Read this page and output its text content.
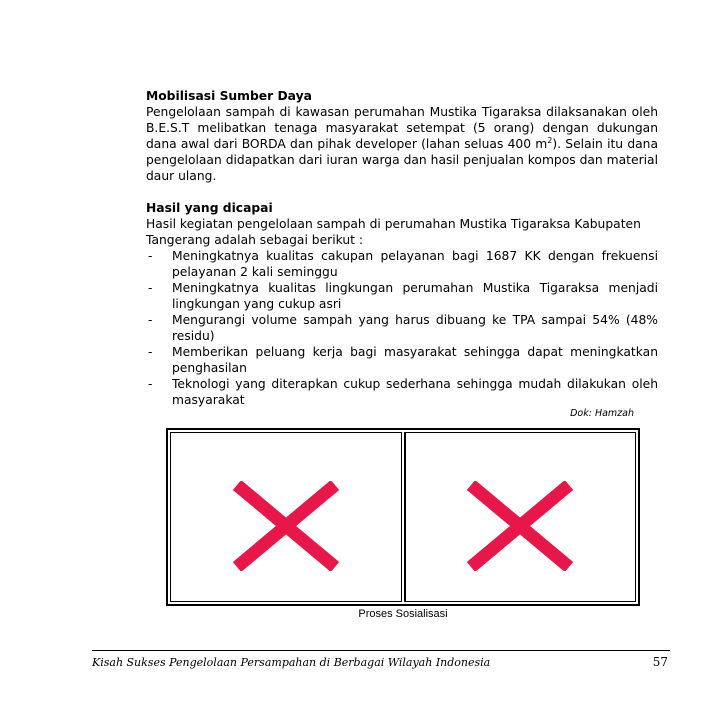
Mobilisasi Sumber Daya
Pengelolaan sampah di kawasan perumahan Mustika Tigaraksa dilaksanakan oleh B.E.S.T melibatkan tenaga masyarakat setempat (5 orang) dengan dukungan dana awal dari BORDA dan pihak developer (lahan seluas 400 $m^2$). Selain itu dana pengelolaan didapatkan dari iuran warga dan hasil penjualan kompos dan material daur ulang.
Hasil yang dicapai
Hasil kegiatan pengelolaan sampah di perumahan Mustika Tigaraksa Kabupaten
Tangerang adalah sebagai berikut :
- Meningkatnya kualitas cakupan pelayanan bagi 1687 KK dengan frekuensi pelayanan 2 kali seminggu
- Meningkatnya kualitas lingkungan perumahan Mustika Tigaraksa menjadi lingkungan yang cukup asri
- Mengurangi volume sampah yang harus dibuang ke TPA sampai 54% (48% residu)
- Memberikan peluang kerja bagi masyarakat sehingga dapat meningkatkan penghasilan
- Teknologi yang diterapkan cukup sederhana sehingga mudah dilakukan oleh masyarakat
Dok: Hamzah
Proses Sosialisasi
Kisah Sukses Pengelolaan Persampahan di Berbagai Wilayah Indonesia	57
